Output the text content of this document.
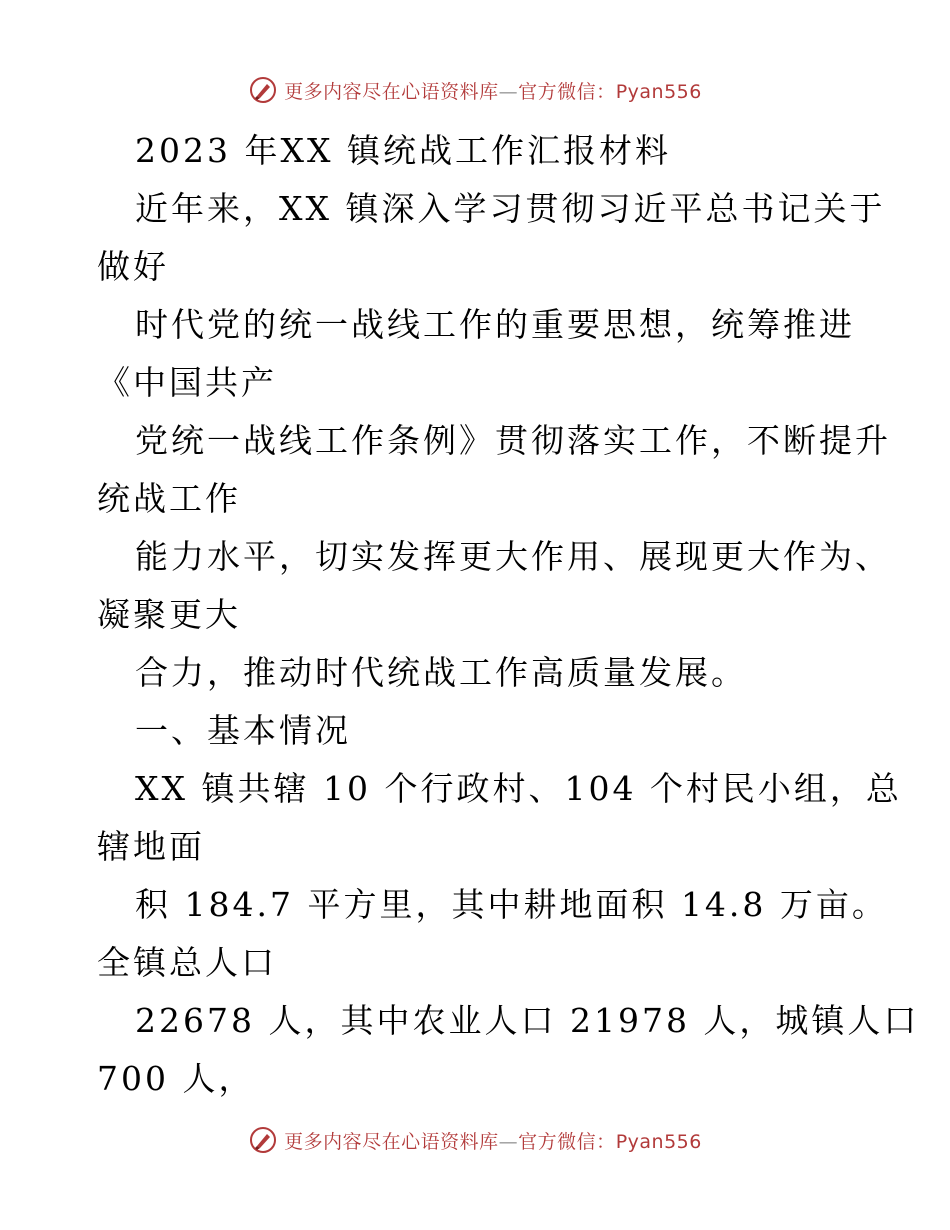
更多内容尽在心语资料库—官方微信：Pyan556
2023 年XX 镇统战工作汇报材料
近年来，XX 镇深入学习贯彻习近平总书记关于
做好
时代党的统一战线工作的重要思想，统筹推进
《中国共产
党统一战线工作条例》贯彻落实工作，不断提升
统战工作
能力水平，切实发挥更大作用、展现更大作为、
凝聚更大
合力，推动时代统战工作高质量发展。
一、基本情况
XX 镇共辖 10 个行政村、104 个村民小组，总
辖地面
积 184.7 平方里，其中耕地面积 14.8 万亩。
全镇总人口
22678 人，其中农业人口 21978 人，城镇人口
700 人，
更多内容尽在心语资料库—官方微信：Pyan556
